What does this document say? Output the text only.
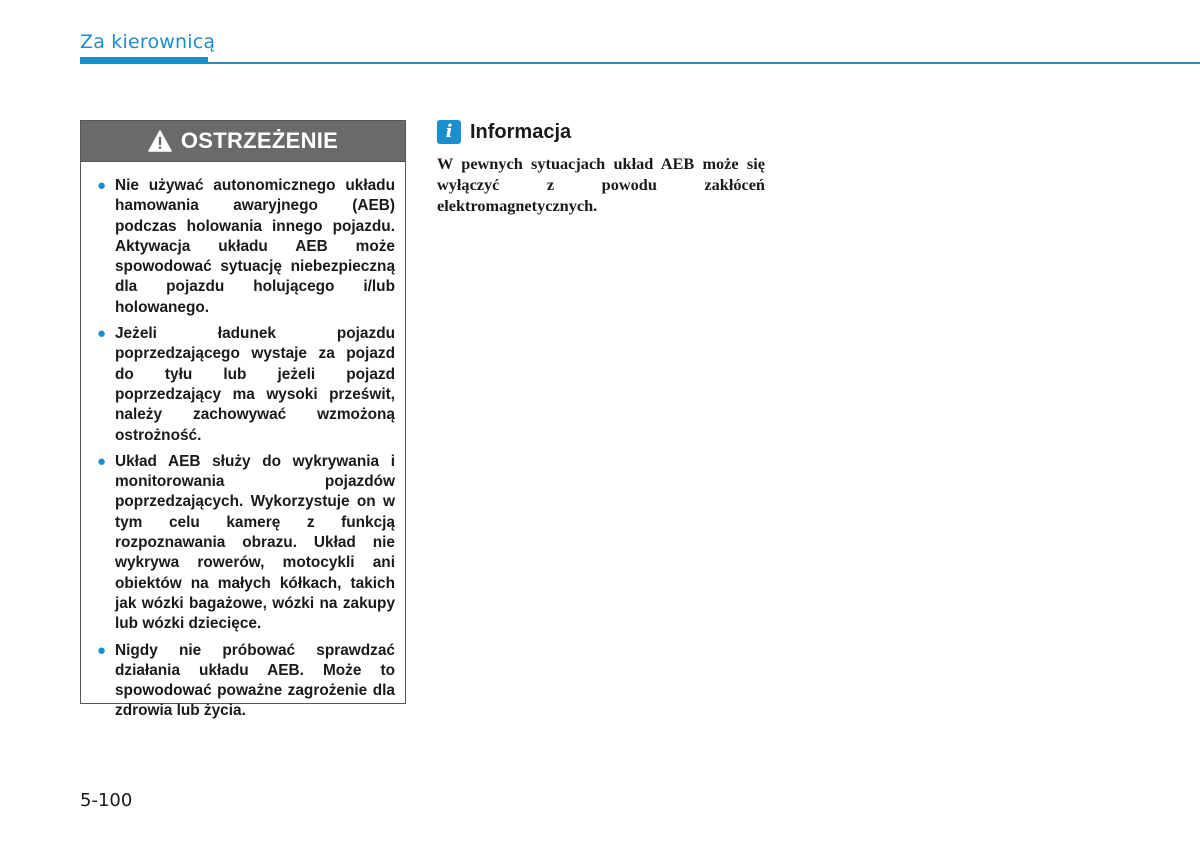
Za kierownicą
OSTRZEŻENIE
● Nie używać autonomicznego układu hamowania awaryjnego (AEB) podczas holowania innego pojazdu. Aktywacja układu AEB może spowodować sytuację niebezpieczną dla pojazdu holującego i/lub holowanego.
● Jeżeli ładunek pojazdu poprzedzającego wystaje za pojazd do tyłu lub jeżeli pojazd poprzedzający ma wysoki prześwit, należy zachowywać wzmożoną ostrożność.
● Układ AEB służy do wykrywania i monitorowania pojazdów poprzedzających. Wykorzystuje on w tym celu kamerę z funkcją rozpoznawania obrazu. Układ nie wykrywa rowerów, motocykli ani obiektów na małych kółkach, takich jak wózki bagażowe, wózki na zakupy lub wózki dziecięce.
● Nigdy nie próbować sprawdzać działania układu AEB. Może to spowodować poważne zagrożenie dla zdrowia lub życia.
i Informacja
W pewnych sytuacjach układ AEB może się wyłączyć z powodu zakłóceń elektromagnetycznych.
5-100
